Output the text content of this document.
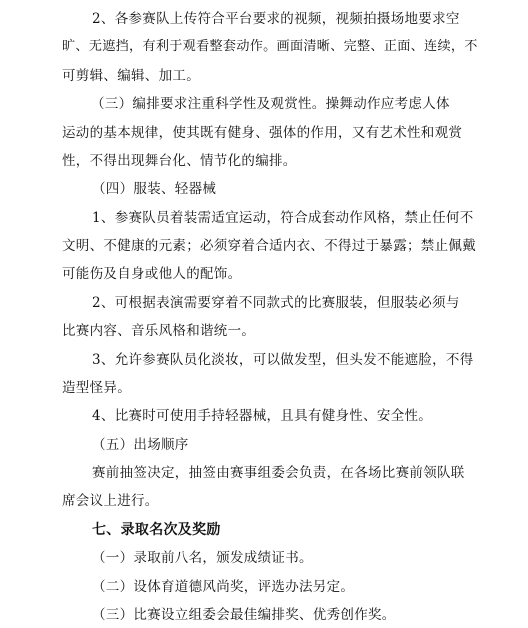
2、各参赛队上传符合平台要求的视频，视频拍摄场地要求空
旷、无遮挡，有利于观看整套动作。画面清晰、完整、正面、连续，不
可剪辑、编辑、加工。
（三）编排要求注重科学性及观赏性。操舞动作应考虑人体
运动的基本规律，使其既有健身、强体的作用，又有艺术性和观赏
性，不得出现舞台化、情节化的编排。
（四）服装、轻器械
1、参赛队员着装需适宜运动，符合成套动作风格，禁止任何不
文明、不健康的元素；必须穿着合适内衣、不得过于暴露；禁止佩戴
可能伤及自身或他人的配饰。
2、可根据表演需要穿着不同款式的比赛服装，但服装必须与
比赛内容、音乐风格和谐统一。
3、允许参赛队员化淡妆，可以做发型，但头发不能遮脸，不得
造型怪异。
4、比赛时可使用手持轻器械，且具有健身性、安全性。
（五）出场顺序
赛前抽签决定，抽签由赛事组委会负责，在各场比赛前领队联
席会议上进行。
七、录取名次及奖励
（一）录取前八名，颁发成绩证书。
（二）设体育道德风尚奖，评选办法另定。
（三）比赛设立组委会最佳编排奖、优秀创作奖。
